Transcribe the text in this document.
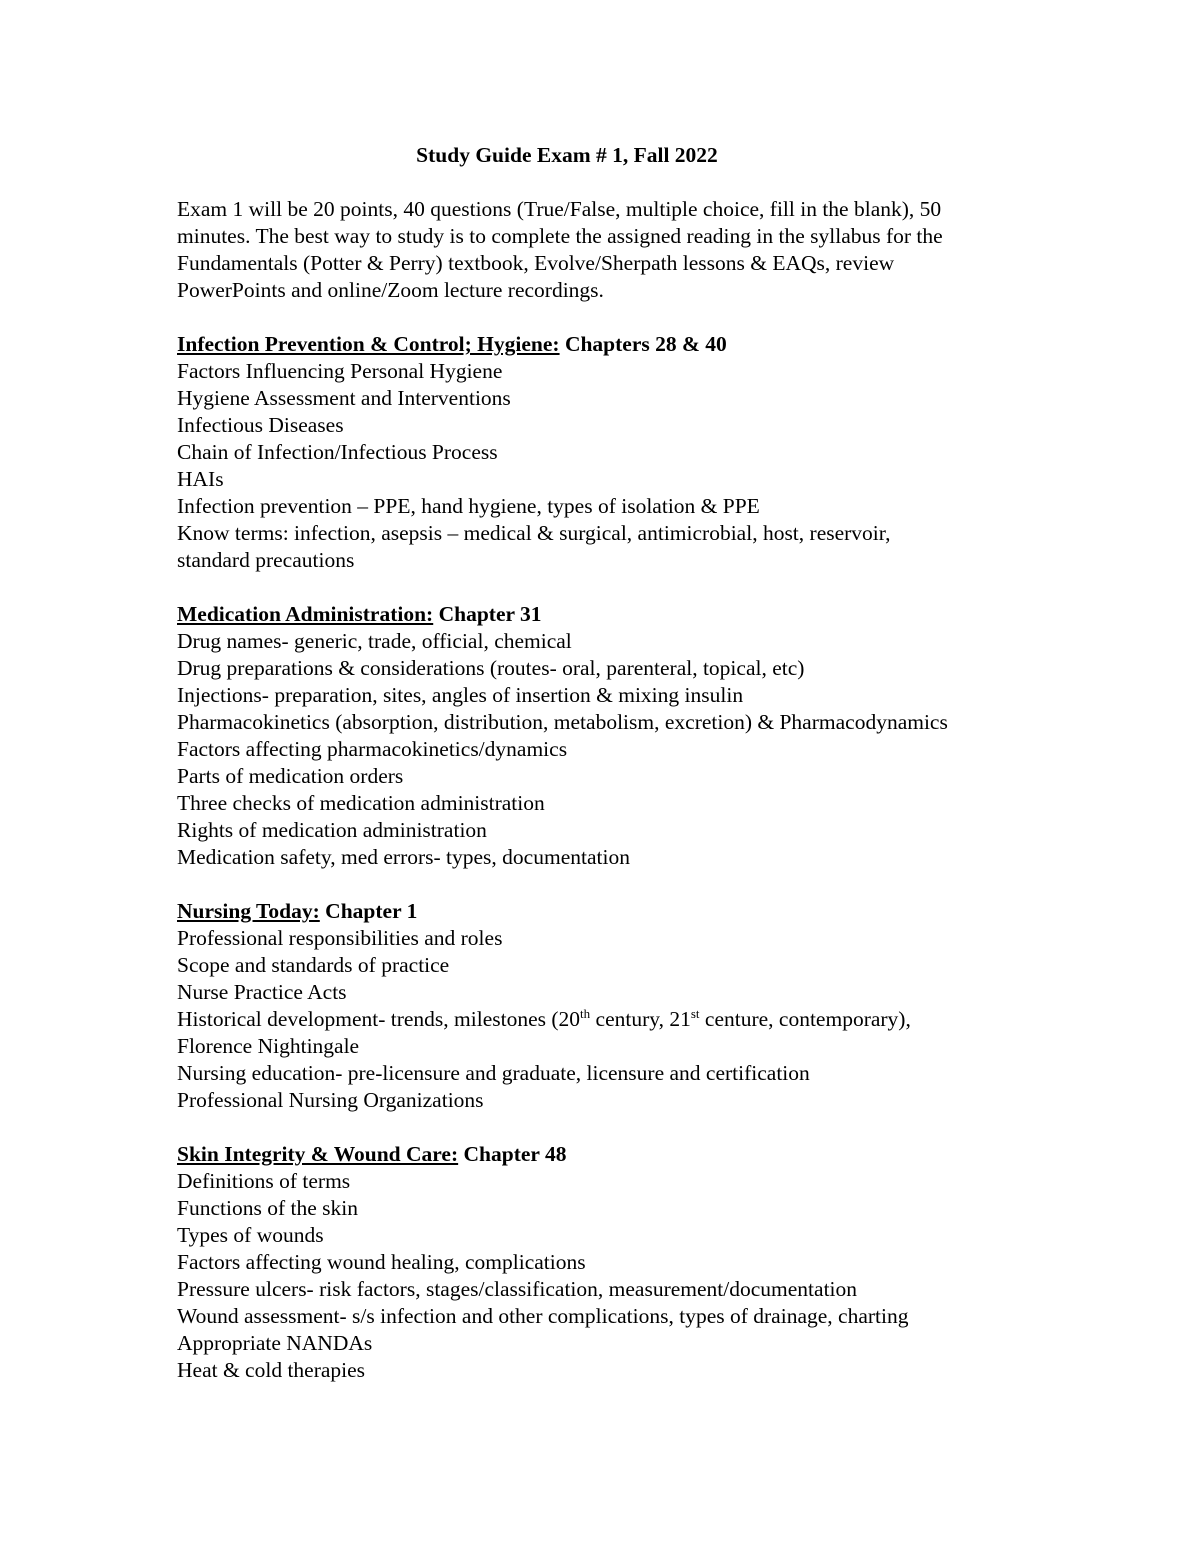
Study Guide Exam # 1, Fall 2022

Exam 1 will be 20 points, 40 questions (True/False, multiple choice, fill in the blank), 50
minutes. The best way to study is to complete the assigned reading in the syllabus for the
Fundamentals (Potter & Perry) textbook, Evolve/Sherpath lessons & EAQs, review
PowerPoints and online/Zoom lecture recordings.

Infection Prevention & Control; Hygiene: Chapters 28 & 40

Factors Influencing Personal Hygiene
Hygiene Assessment and Interventions
Infectious Diseases
Chain of Infection/Infectious Process
HAIs
Infection prevention – PPE, hand hygiene, types of isolation & PPE
Know terms: infection, asepsis – medical & surgical, antimicrobial, host, reservoir,
standard precautions

Medication Administration: Chapter 31

Drug names- generic, trade, official, chemical
Drug preparations & considerations (routes- oral, parenteral, topical, etc)
Injections- preparation, sites, angles of insertion & mixing insulin
Pharmacokinetics (absorption, distribution, metabolism, excretion) & Pharmacodynamics
Factors affecting pharmacokinetics/dynamics
Parts of medication orders
Three checks of medication administration
Rights of medication administration
Medication safety, med errors- types, documentation

Nursing Today: Chapter 1

Professional responsibilities and roles
Scope and standards of practice
Nurse Practice Acts
Historical development- trends, milestones (20th century, 21st centure, contemporary),
Florence Nightingale
Nursing education- pre-licensure and graduate, licensure and certification
Professional Nursing Organizations

Skin Integrity & Wound Care: Chapter 48

Definitions of terms
Functions of the skin
Types of wounds
Factors affecting wound healing, complications
Pressure ulcers- risk factors, stages/classification, measurement/documentation
Wound assessment- s/s infection and other complications, types of drainage, charting
Appropriate NANDAs
Heat & cold therapies
